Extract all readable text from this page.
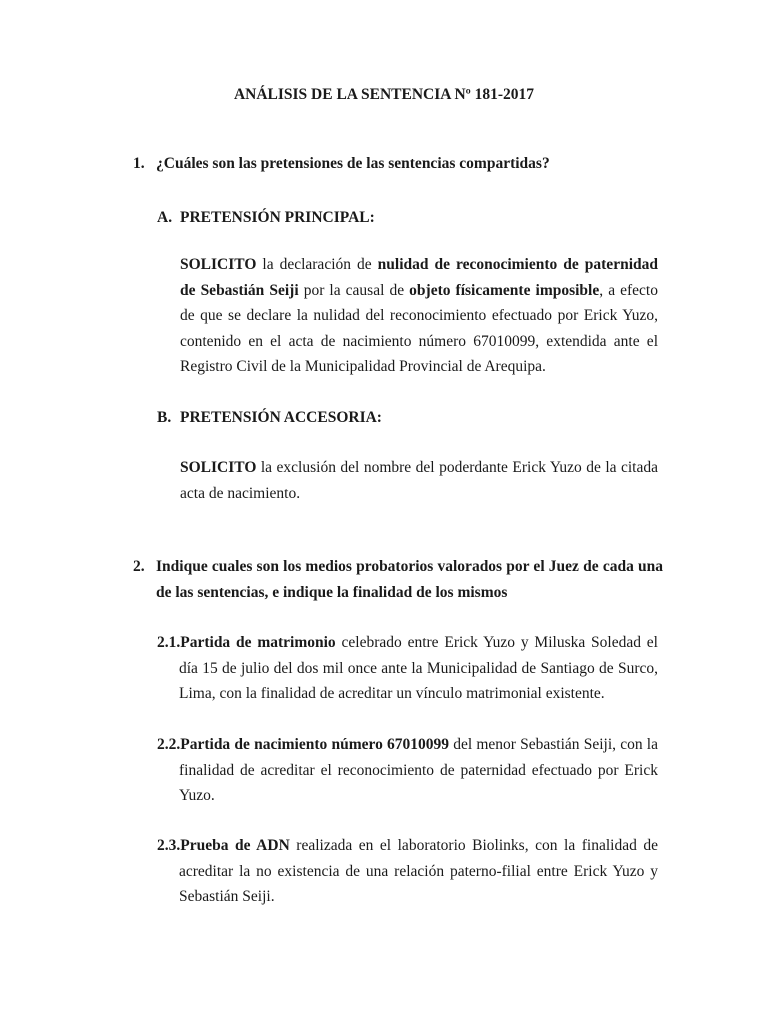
ANÁLISIS DE LA SENTENCIA Nº 181-2017
1. ¿Cuáles son las pretensiones de las sentencias compartidas?
A. PRETENSIÓN PRINCIPAL:
SOLICITO la declaración de nulidad de reconocimiento de paternidad de Sebastián Seiji por la causal de objeto físicamente imposible, a efecto de que se declare la nulidad del reconocimiento efectuado por Erick Yuzo, contenido en el acta de nacimiento número 67010099, extendida ante el Registro Civil de la Municipalidad Provincial de Arequipa.
B. PRETENSIÓN ACCESORIA:
SOLICITO la exclusión del nombre del poderdante Erick Yuzo de la citada acta de nacimiento.
2. Indique cuales son los medios probatorios valorados por el Juez de cada una de las sentencias, e indique la finalidad de los mismos
2.1.Partida de matrimonio celebrado entre Erick Yuzo y Miluska Soledad el día 15 de julio del dos mil once ante la Municipalidad de Santiago de Surco, Lima, con la finalidad de acreditar un vínculo matrimonial existente.
2.2.Partida de nacimiento número 67010099 del menor Sebastián Seiji, con la finalidad de acreditar el reconocimiento de paternidad efectuado por Erick Yuzo.
2.3.Prueba de ADN realizada en el laboratorio Biolinks, con la finalidad de acreditar la no existencia de una relación paterno-filial entre Erick Yuzo y Sebastián Seiji.
